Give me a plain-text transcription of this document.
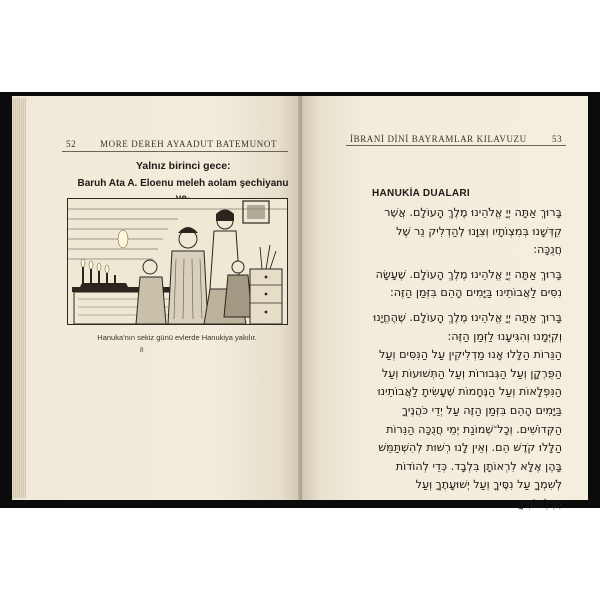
52	MORE DEREH AYAADUT BATEMUNOT
Yalnız birinci gece:
Baruh Ata A. Eloenu meleh aolam şechiyanu
Hanuka'nın sekiz günü evlerde Hanukiya yakılır.
8
İBRANİ DİNİ BAYRAMLAR KILAVUZU	53
HANUKİA DUALARI
בָּרוּךְ אַתָּה יְיָ אֱלֹהֵינוּ מֶלֶךְ הָעוֹלָם. אֲשֶׁר
קִדְּשָׁנוּ בְּמִצְוֹתָיו וְצִוָּנוּ לְהַדְלִיק נֵר שֶׁל
חֲנֻכָּה:
בָּרוּךְ אַתָּה יְיָ אֱלֹהֵינוּ מֶלֶךְ הָעוֹלָם. שֶׁעָשָׂה
נִסִּים לַאֲבוֹתֵינוּ בַּיָּמִים הָהֵם בִּזְּמַן הַזֶּה:
בָּרוּךְ אַתָּה יְיָ אֱלֹהֵינוּ מֶלֶךְ הָעוֹלָם. שֶׁהֶחֱיָנוּ
וְקִיְּמָנוּ וְהִגִּיעָנוּ לַזְּמַן הַזֶּה:
הַנֵּרוֹת הַלָּלוּ אָנוּ מַדְלִיקִין עַל הַנִּסִּים וְעַל
הַפֻּרְקָן וְעַל הַגְּבוּרוֹת וְעַל הַתְּשׁוּעוֹת וְעַל
הַנִּפְלָאוֹת וְעַל הַנֶּחָמוֹת שֶׁעָשִׂיתָ לַאֲבוֹתֵינוּ
בַּיָּמִים הָהֵם בִּזְּמַן הַזֶּה עַל יְדֵי כֹּהֲנֶיךָ
הַקְּדוֹשִׁים. וְכָל־שְׁמוֹנַת יְמֵי חֲנֻכָּה הַנֵּרוֹת
הַלָּלוּ קֹדֶשׁ הֵם. וְאֵין לָנוּ רְשׁוּת לְהִשְׁתַּמֵּשׁ
בָּהֶן אֶלָּא לִרְאוֹתָן בִּלְבָד. כְּדֵי לְהוֹדוֹת
לְשִׁמְךָ עַל נִסֶּיךָ וְעַל יְשׁוּעָתֶךָ וְעַל
נִפְלְאוֹתֶיךָ:
